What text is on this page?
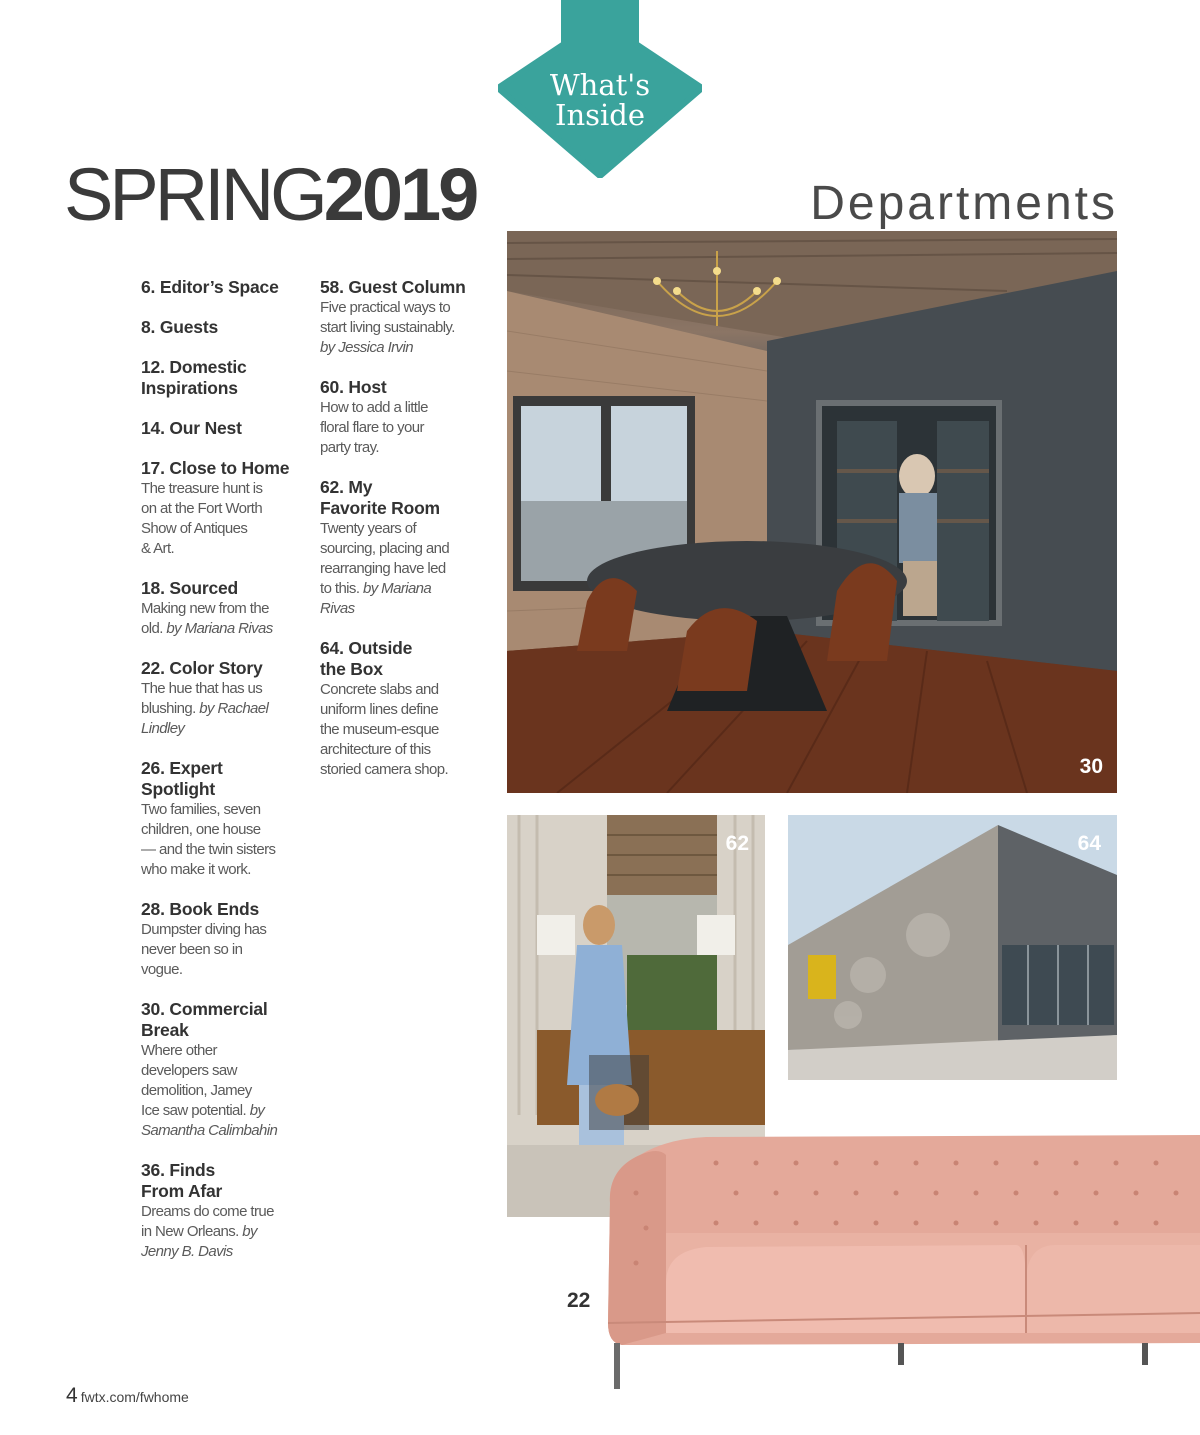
What's
Inside
SPRING2019	Departments
6. Editor’s Space
8. Guests
12. Domestic
Inspirations
14. Our Nest
17. Close to Home
The treasure hunt is
on at the Fort Worth
Show of Antiques
& Art.
18. Sourced
Making new from the
old. by Mariana Rivas
22. Color Story
The hue that has us
blushing. by Rachael
Lindley
26. Expert
Spotlight
Two families, seven
children, one house
— and the twin sisters
who make it work.
28. Book Ends
Dumpster diving has
never been so in
vogue.
30. Commercial
Break
Where other
developers saw
demolition, Jamey
Ice saw potential. by
Samantha Calimbahin
36. Finds
From Afar
Dreams do come true
in New Orleans. by
Jenny B. Davis
58. Guest Column
Five practical ways to
start living sustainably.
by Jessica Irvin
60. Host
How to add a little
floral flare to your
party tray.
62. My
Favorite Room
Twenty years of
sourcing, placing and
rearranging have led
to this. by Mariana
Rivas
64. Outside
the Box
Concrete slabs and
uniform lines define
the museum-esque
architecture of this
storied camera shop.	30
62	64
22
4 fwtx.com/fwhome
